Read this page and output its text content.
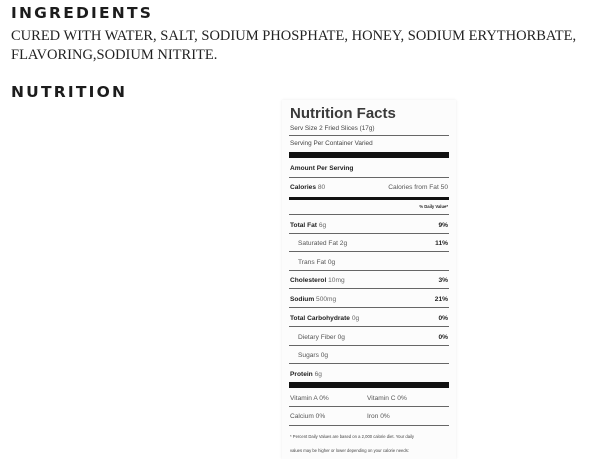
INGREDIENTS

CURED WITH WATER, SALT, SODIUM PHOSPHATE, HONEY, SODIUM ERYTHORBATE, FLAVORING,SODIUM NITRITE.

NUTRITION
Nutrition Facts
Serv Size 2 Fried Slices (17g)
Serving Per Container Varied
Amount Per Serving
Calories 80	Calories from Fat 50
% Daily Value*
Total Fat 6g	9%
Saturated Fat 2g	11%
Trans Fat 0g
Cholesterol 10mg	3%
Sodium 500mg	21%
Total Carbohydrate 0g	0%
Dietary Fiber 0g	0%
Sugars 0g
Protein 6g
Vitamin A 0%	Vitamin C 0%
Calcium 0%	Iron 0%
* Percent Daily Values are based on a 2,000 calorie diet. Your daily
values may be higher or lower depending on your calorie needs:
